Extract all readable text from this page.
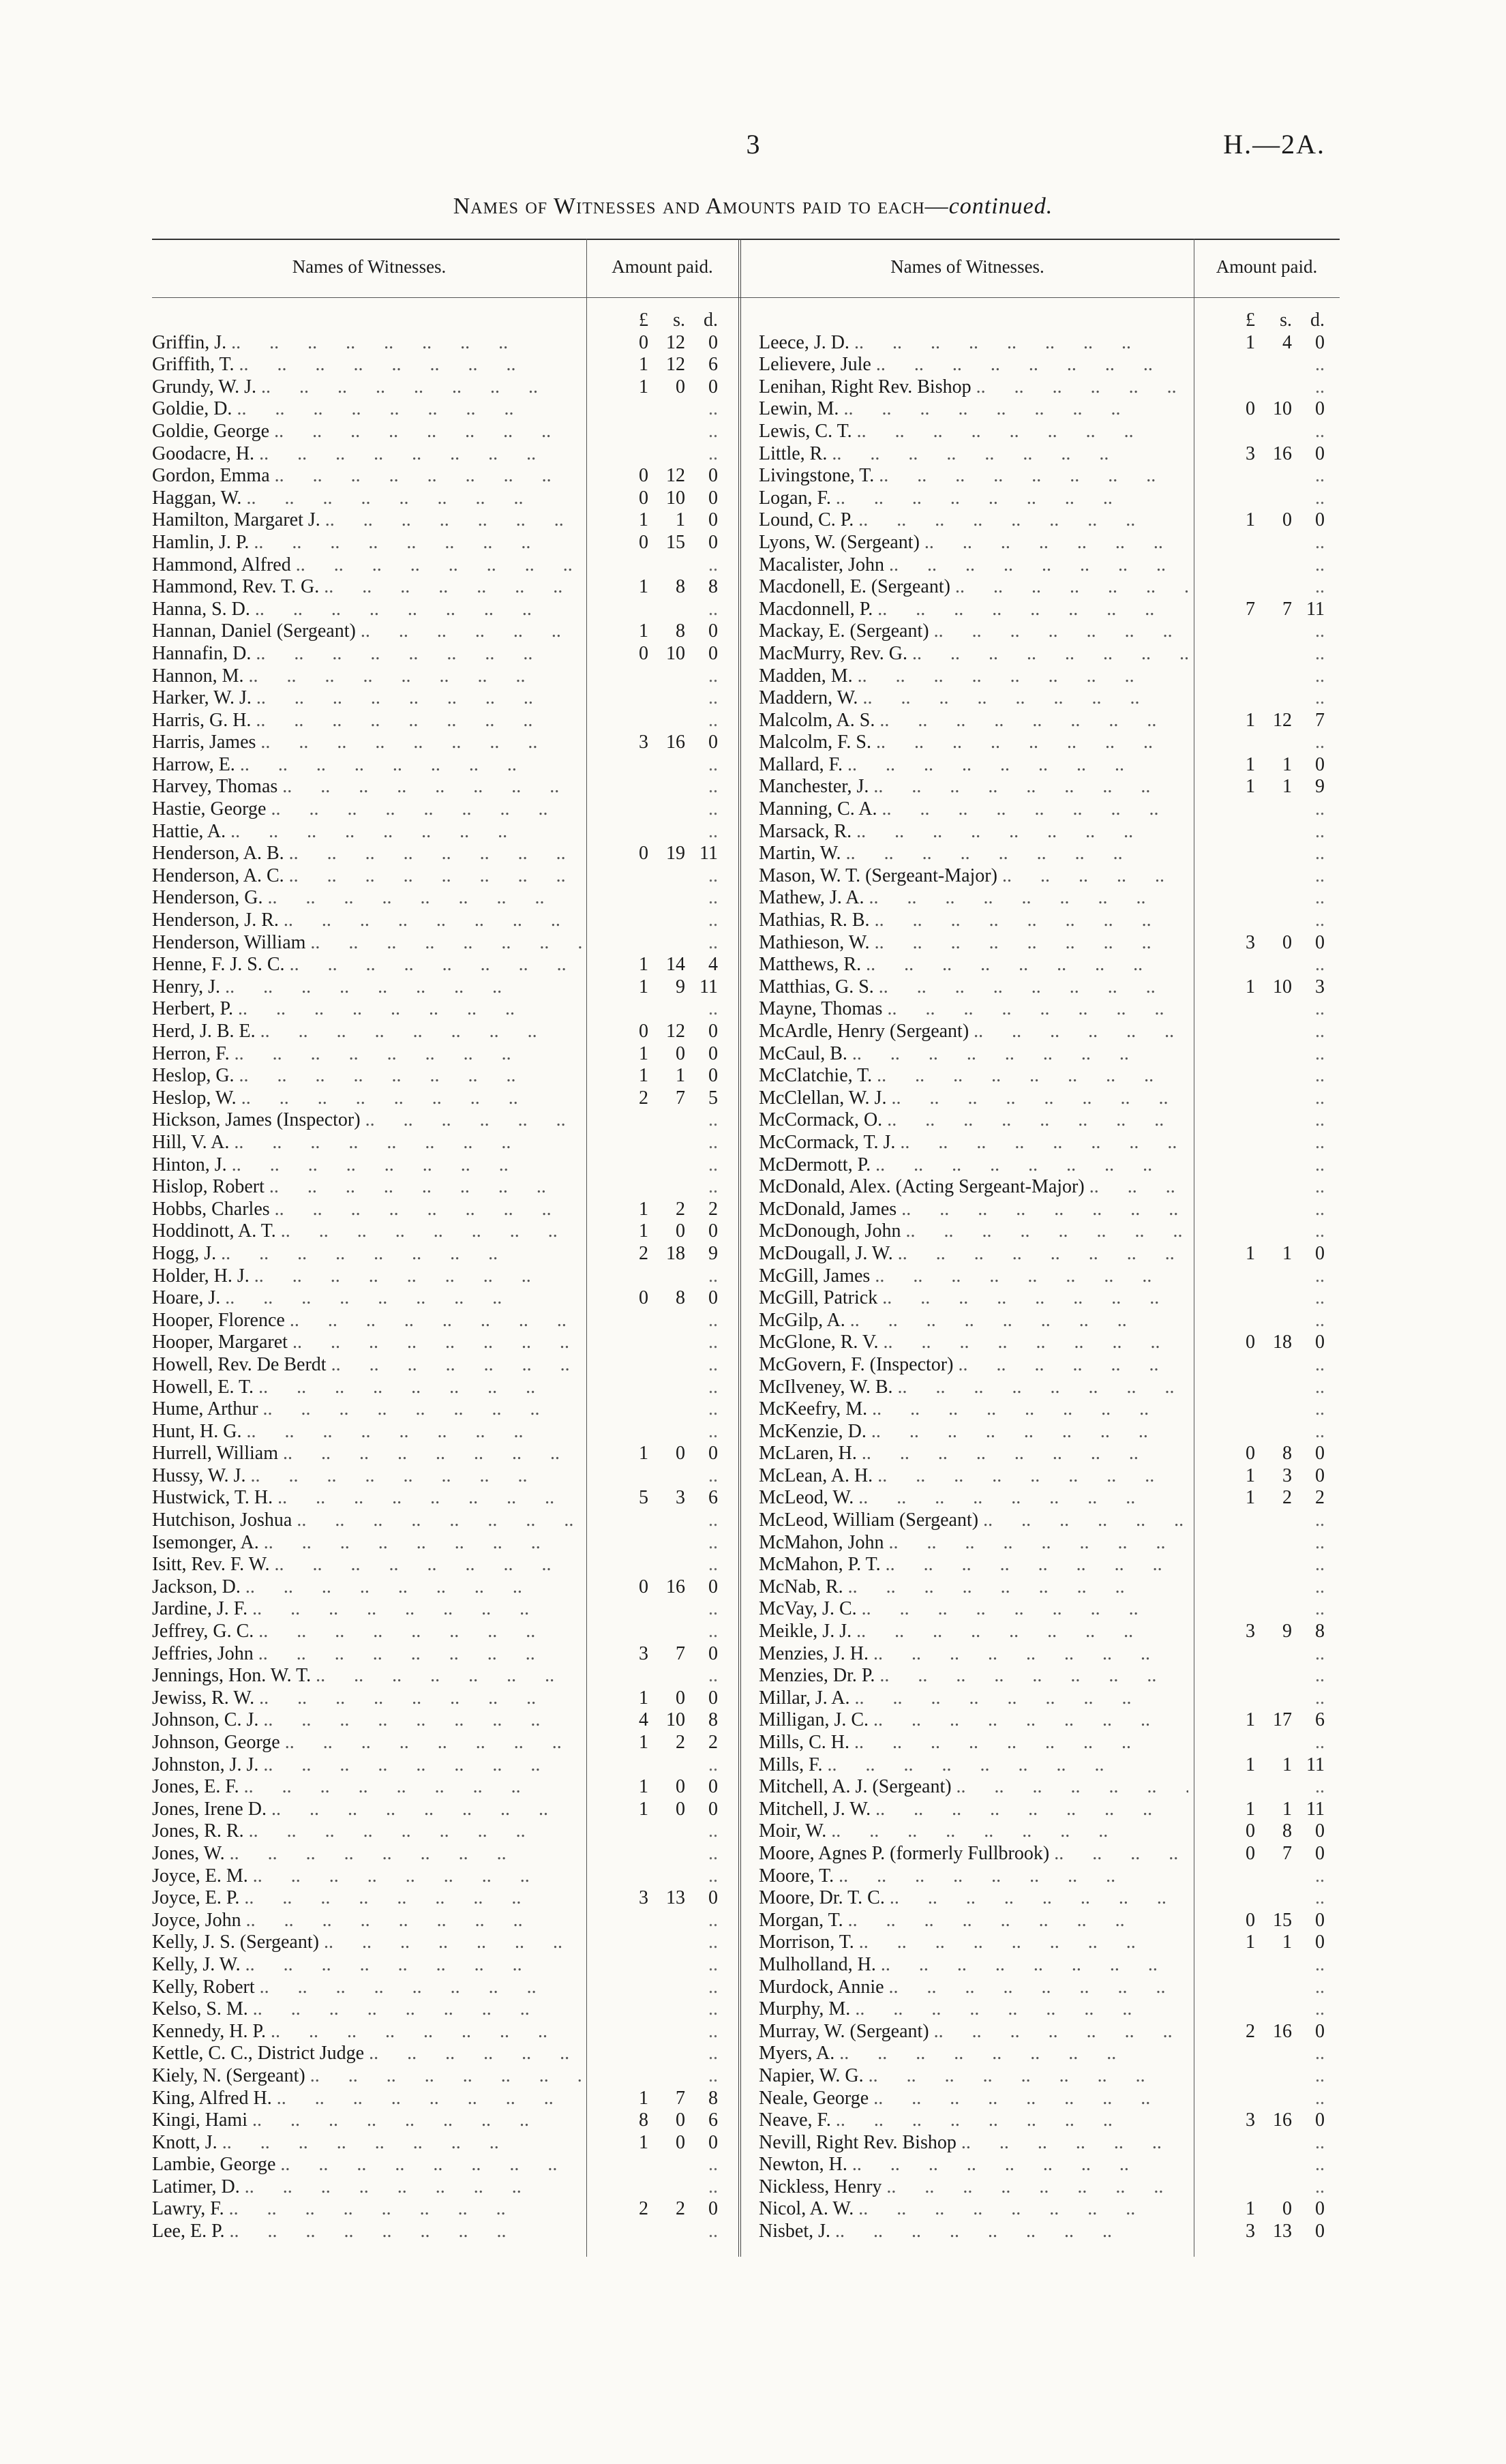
3	H.—2A.
Names of Witnesses and Amounts paid to each—continued.
Names of Witnesses.	Amount paid.	Names of Witnesses.	Amount paid.
£	s. d.
Griffin, J. ..	0 12	0
Griffith, T. ..	1 12	6
Grundy, W. J. ..	1	0	0
Goldie, D. ..	..
Goldie, George ..	..
Goodacre, H. ..	..
Gordon, Emma ..	0 12	0
Haggan, W. ..	0 10	0
Hamilton, Margaret J. ..	1	1	0
Hamlin, J. P. ..	0 15	0
Hammond, Alfred ..	..
Hammond, Rev. T. G. ..	1	8	8
Hanna, S. D. ..	..
Hannan, Daniel (Sergeant) ..	1	8	0
Hannafin, D. ..	0 10	0
Hannon, M. ..	..
Harker, W. J. ..	..
Harris, G. H. ..	..
Harris, James ..	3 16	0
Harrow, E. ..	..
Harvey, Thomas ..	..
Hastie, George ..	..
Hattie, A. ..	..
Henderson, A. B. ..	0 19 11
Henderson, A. C. ..	..
Henderson, G. ..	..
Henderson, J. R. ..	..
Henderson, William ..	..
Henne, F. J. S. C. ..	1 14	4
Henry, J. ..	1	9 11
Herbert, P. ..	..
Herd, J. B. E. ..	0 12	0
Herron, F. ..	1	0	0
Heslop, G. ..	1	1	0
Heslop, W. ..	2	7	5
Hickson, James (Inspector) ..	..
Hill, V. A. ..	..
Hinton, J. ..	..
Hislop, Robert ..	..
Hobbs, Charles ..	1	2	2
Hoddinott, A. T. ..	1	0	0
Hogg, J. ..	2 18	9
Holder, H. J. ..	..
Hoare, J. ..	0	8	0
Hooper, Florence ..	..
Hooper, Margaret ..	..
Howell, Rev. De Berdt ..	..
Howell, E. T. ..	..
Hume, Arthur ..	..
Hunt, H. G. ..	..
Hurrell, William ..	1	0	0
Hussy, W. J. ..	..
Hustwick, T. H. ..	5	3	6
Hutchison, Joshua ..	..
Isemonger, A. ..	..
Isitt, Rev. F. W. ..	..
Jackson, D. ..	0 16	0
Jardine, J. F. ..	..
Jeffrey, G. C. ..	..
Jeffries, John ..	3	7	0
Jennings, Hon. W. T. ..	..
Jewiss, R. W. ..	1	0	0
Johnson, C. J. ..	4 10	8
Johnson, George ..	1	2	2
Johnston, J. J. ..	..
Jones, E. F. ..	1	0	0
Jones, Irene D. ..	1	0	0
Jones, R. R. ..	..
Jones, W. ..	..
Joyce, E. M. ..	..
Joyce, E. P. ..	3 13	0
Joyce, John ..	..
Kelly, J. S. (Sergeant) ..	..
Kelly, J. W. ..	..
Kelly, Robert ..	..
Kelso, S. M. ..	..
Kennedy, H. P. ..	..
Kettle, C. C., District Judge ..	..
Kiely, N. (Sergeant) ..	..
King, Alfred H. ..	1	7	8
Kingi, Hami ..	8	0	6
Knott, J. ..	1	0	0
Lambie, George ..	..
Latimer, D. ..	..
Lawry, F. ..	2	2	0
Lee, E. P. ..	..
£	s. d.
Leece, J. D. ..	1	4	0
Lelievere, Jule ..	..
Lenihan, Right Rev. Bishop ..	..
Lewin, M. ..	0 10	0
Lewis, C. T. ..	..
Little, R. ..	3 16	0
Livingstone, T. ..	..
Logan, F. ..	..
Lound, C. P. ..	1	0	0
Lyons, W. (Sergeant) ..	..
Macalister, John ..	..
Macdonell, E. (Sergeant) ..	..
Macdonnell, P. ..	7	7 11
Mackay, E. (Sergeant) ..	..
MacMurry, Rev. G. ..	..
Madden, M. ..	..
Maddern, W. ..	..
Malcolm, A. S. ..	1 12	7
Malcolm, F. S. ..	..
Mallard, F. ..	1	1	0
Manchester, J. ..	1	1	9
Manning, C. A. ..	..
Marsack, R. ..	..
Martin, W. ..	..
Mason, W. T. (Sergeant-Major) ..	..
Mathew, J. A. ..	..
Mathias, R. B. ..	..
Mathieson, W. ..	3	0	0
Matthews, R. ..	..
Matthias, G. S. ..	1 10	3
Mayne, Thomas ..	..
McArdle, Henry (Sergeant) ..	..
McCaul, B. ..	..
McClatchie, T. ..	..
McClellan, W. J. ..	..
McCormack, O. ..	..
McCormack, T. J. ..	..
McDermott, P. ..	..
McDonald, Alex. (Acting Sergeant-Major) ..	..
McDonald, James ..	..
McDonough, John ..	..
McDougall, J. W. ..	1	1	0
McGill, James ..	..
McGill, Patrick ..	..
McGilp, A. ..	..
McGlone, R. V. ..	0 18	0
McGovern, F. (Inspector) ..	..
McIlveney, W. B. ..	..
McKeefry, M. ..	..
McKenzie, D. ..	..
McLaren, H. ..	0	8	0
McLean, A. H. ..	1	3	0
McLeod, W. ..	1	2	2
McLeod, William (Sergeant) ..	..
McMahon, John ..	..
McMahon, P. T. ..	..
McNab, R. ..	..
McVay, J. C. ..	..
Meikle, J. J. ..	3	9	8
Menzies, J. H. ..	..
Menzies, Dr. P. ..	..
Millar, J. A. ..	..
Milligan, J. C. ..	1 17	6
Mills, C. H. ..	..
Mills, F. ..	1	1 11
Mitchell, A. J. (Sergeant) ..	..
Mitchell, J. W. ..	1	1 11
Moir, W. ..	0	8	0
Moore, Agnes P. (formerly Fullbrook) ..	0	7	0
Moore, T. ..	..
Moore, Dr. T. C. ..	..
Morgan, T. ..	0 15	0
Morrison, T. ..	1	1	0
Mulholland, H. ..	..
Murdock, Annie ..	..
Murphy, M. ..	..
Murray, W. (Sergeant) ..	2 16	0
Myers, A. ..	..
Napier, W. G. ..	..
Neale, George ..	..
Neave, F. ..	3 16	0
Nevill, Right Rev. Bishop ..	..
Newton, H. ..	..
Nickless, Henry ..	..
Nicol, A. W. ..	1	0	0
Nisbet, J. ..	3 13	0
